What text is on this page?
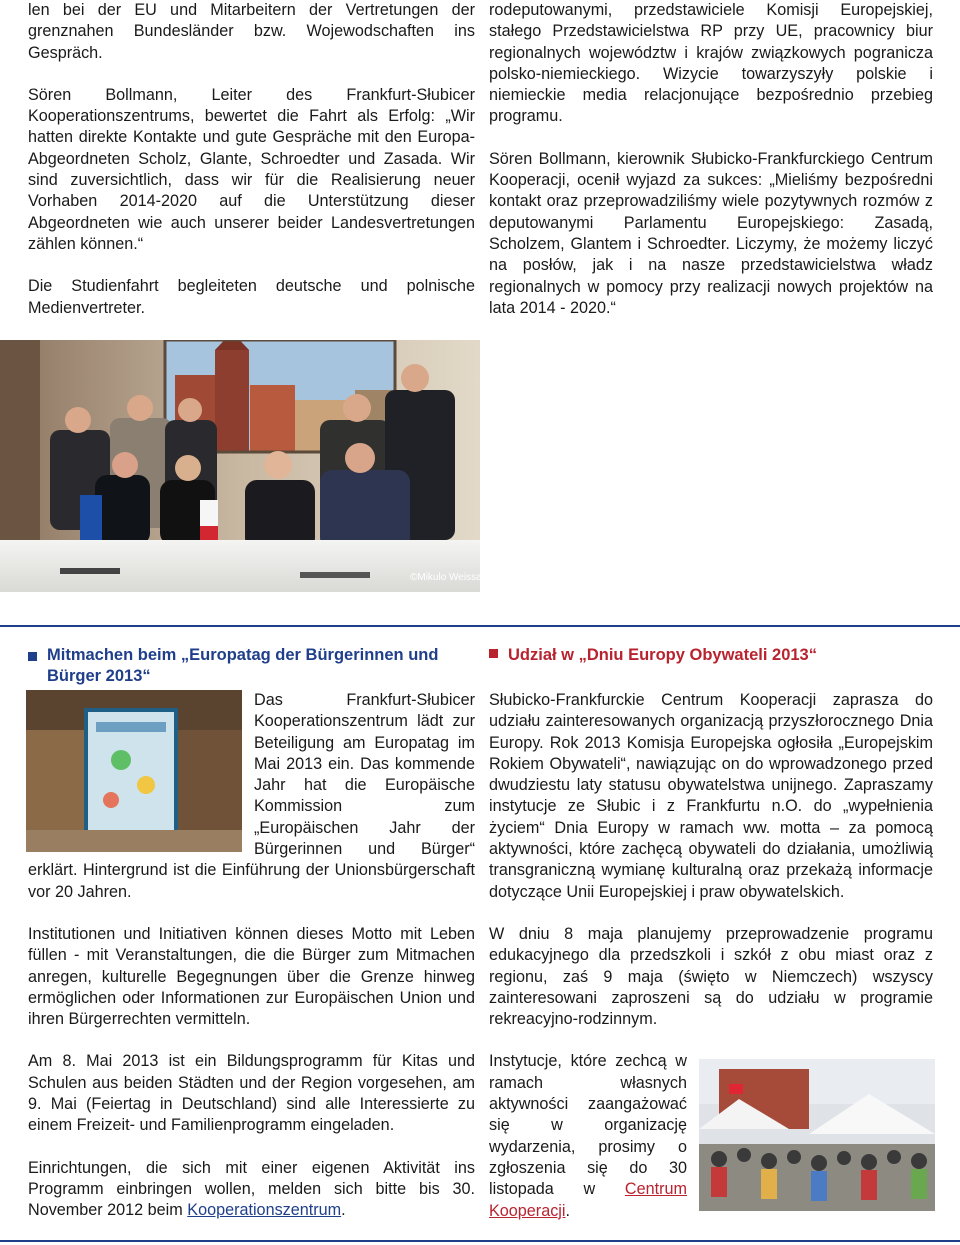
len bei der EU und Mitarbeitern der Vertretungen der grenznahen Bundesländer bzw. Wojewodschaften ins Gespräch.

Sören Bollmann, Leiter des Frankfurt-Słubicer Kooperationszentrums, bewertet die Fahrt als Erfolg: „Wir hatten direkte Kontakte und gute Gespräche mit den Europa-Abgeordneten Scholz, Glante, Schroedter und Zasada. Wir sind zuversichtlich, dass wir für die Realisierung neuer Vorhaben 2014-2020 auf die Unterstützung dieser Abgeordneten wie auch unserer beider Landesvertretungen zählen können.“

Die Studienfahrt begleiteten deutsche und polnische Medienvertreter.

rodeputowanymi, przedstawiciele Komisji Europejskiej, stałego Przedstawicielstwa RP przy UE, pracownicy biur regionalnych województw i krajów związkowych pogranicza polsko-niemieckiego. Wizycie towarzyszyły polskie i niemieckie media relacjonujące bezpośrednio przebieg programu.

Sören Bollmann, kierownik Słubicko-Frankfurckiego Centrum Kooperacji, ocenił wyjazd za sukces: „Mieliśmy bezpośredni kontakt oraz przeprowadziliśmy wiele pozytywnych rozmów z deputowanymi Parlamentu Europejskiego: Zasadą, Scholzem, Glantem i Schroedter. Liczymy, że możemy liczyć na posłów, jak i na nasze przedstawicielstwa władz regionalnych w pomocy przy realizacji nowych projektów na lata 2014 - 2020.“

©Mikulo Weissa
Mitmachen beim „Europatag der Bürgerinnen und Bürger 2013“
Udział w „Dniu Europy Obywateli 2013“

Das Frankfurt-Słubicer Kooperationszentrum lädt zur Beteiligung am Europatag im Mai 2013 ein. Das kommende Jahr hat die Europäische Kommission zum „Europäischen Jahr der Bürgerinnen und Bürger“ erklärt. Hintergrund ist die Einführung der Unionsbürgerschaft vor 20 Jahren.

Institutionen und Initiativen können dieses Motto mit Leben füllen - mit Veranstaltungen, die die Bürger zum Mitmachen anregen, kulturelle Begegnungen über die Grenze hinweg ermöglichen oder Informationen zur Europäischen Union und ihren Bürgerrechten vermitteln.

Am 8. Mai 2013 ist ein Bildungsprogramm für Kitas und Schulen aus beiden Städten und der Region vorgesehen, am 9. Mai (Feiertag in Deutschland) sind alle Interessierte zu einem Freizeit- und Familienprogramm eingeladen.

Einrichtungen, die sich mit einer eigenen Aktivität ins Programm einbringen wollen, melden sich bitte bis 30. November 2012 beim Kooperationszentrum.

Słubicko-Frankfurckie Centrum Kooperacji zaprasza do udziału zainteresowanych organizacją przyszłorocznego Dnia Europy. Rok 2013 Komisja Europejska ogłosiła „Europejskim Rokiem Obywateli“, nawiązując on do wprowadzonego przed dwudziestu laty statusu obywatelstwa unijnego. Zapraszamy instytucje ze Słubic i z Frankfurtu n.O. do „wypełnienia życiem“ Dnia Europy w ramach ww. motta – za pomocą aktywności, które zachęcą obywateli do działania, umożliwią transgraniczną wymianę kulturalną oraz przekażą informacje dotyczące Unii Europejskiej i praw obywatelskich.

W dniu 8 maja planujemy przeprowadzenie programu edukacyjnego dla przedszkoli i szkół z obu miast oraz z regionu, zaś 9 maja (święto w Niemczech) wszyscy zainteresowani zaproszeni są do udziału w programie rekreacyjno-rodzinnym.

Instytucje, które zechcą w ramach własnych aktywności zaangażować się w organizację wydarzenia, prosimy o zgłoszenia się do 30 listopada w Centrum Kooperacji.
